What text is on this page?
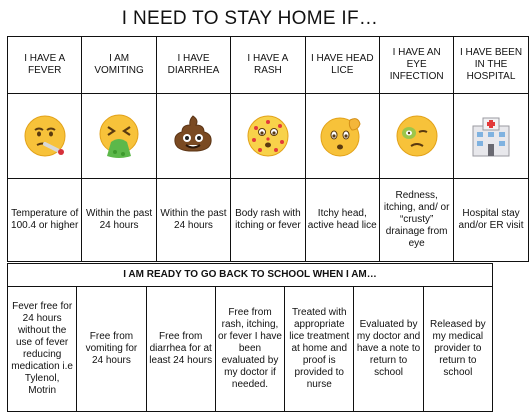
I NEED TO STAY HOME IF…
I HAVE A FEVER	I AM VOMITING	I HAVE DIARRHEA	I HAVE A RASH	I HAVE HEAD LICE	I HAVE AN EYE INFECTION	I HAVE BEEN IN THE HOSPITAL

Temperature of 100.4 or higher	Within the past 24 hours	Within the past 24 hours	Body rash with itching or fever	Itchy head, active head lice	Redness, itching, and/ or “crusty” drainage from eye	Hospital stay and/or ER visit
I AM READY TO GO BACK TO SCHOOL WHEN I AM…
Fever free for 24 hours without the use of fever reducing medication i.e Tylenol, Motrin	Free from vomiting for 24 hours	Free from diarrhea for at least 24 hours	Free from rash, itching, or fever I have been evaluated by my doctor if needed.	Treated with appropriate lice treatment at home and proof is provided to nurse	Evaluated by my doctor and have a note to return to school	Released by my medical provider to return to school
